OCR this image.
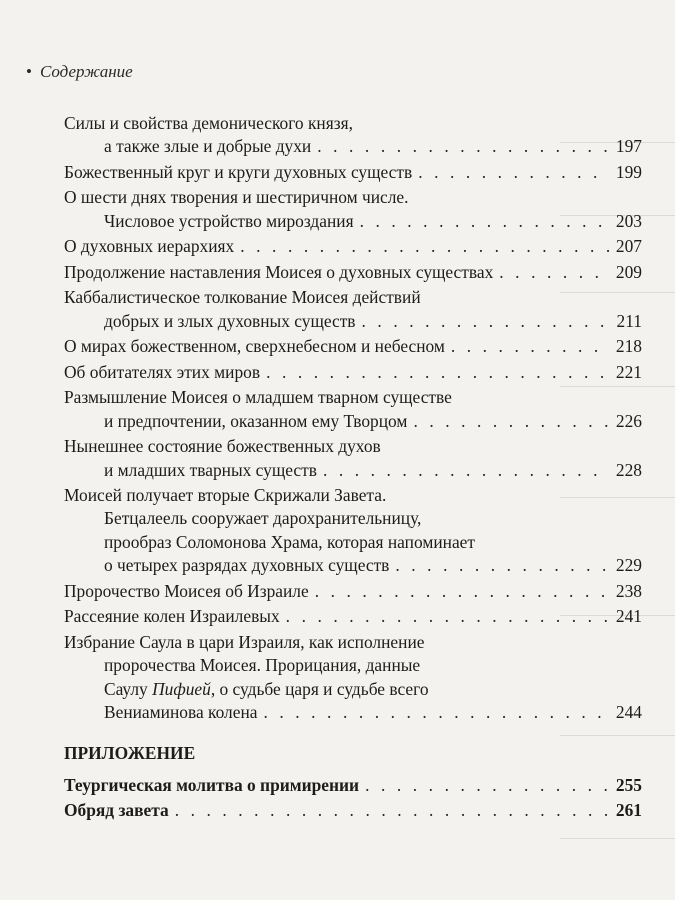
• Содержание
Силы и свойства демонического князя,
а также злые и добрые духи . . .	197
Божественный круг и круги духовных существ . . .	199
О шести днях творения и шестиричном числе.
Числовое устройство мироздания . . .	203
О духовных иерархиях . . .	207
Продолжение наставления Моисея о духовных существах . . .	209
Каббалистическое толкование Моисея действий
добрых и злых духовных существ . . .	211
О мирах божественном, сверхнебесном и небесном . . .	218
Об обитателях этих миров . . .	221
Размышление Моисея о младшем тварном существе
и предпочтении, оказанном ему Творцом . . .	226
Нынешнее состояние божественных духов
и младших тварных существ . . .	228
Моисей получает вторые Скрижали Завета.
Бетцалеель сооружает дарохранительницу,
прообраз Соломонова Храма, которая напоминает
о четырех разрядах духовных существ . . .	229
Пророчество Моисея об Израиле . . .	238
Рассеяние колен Израилевых . . .	241
Избрание Саула в цари Израиля, как исполнение
пророчества Моисея. Прорицания, данные
Саулу Пифией, о судьбе царя и судьбе всего
Вениаминова колена . . .	244
ПРИЛОЖЕНИЕ
Теургическая молитва о примирении . . .	255
Обряд завета . . .	261
